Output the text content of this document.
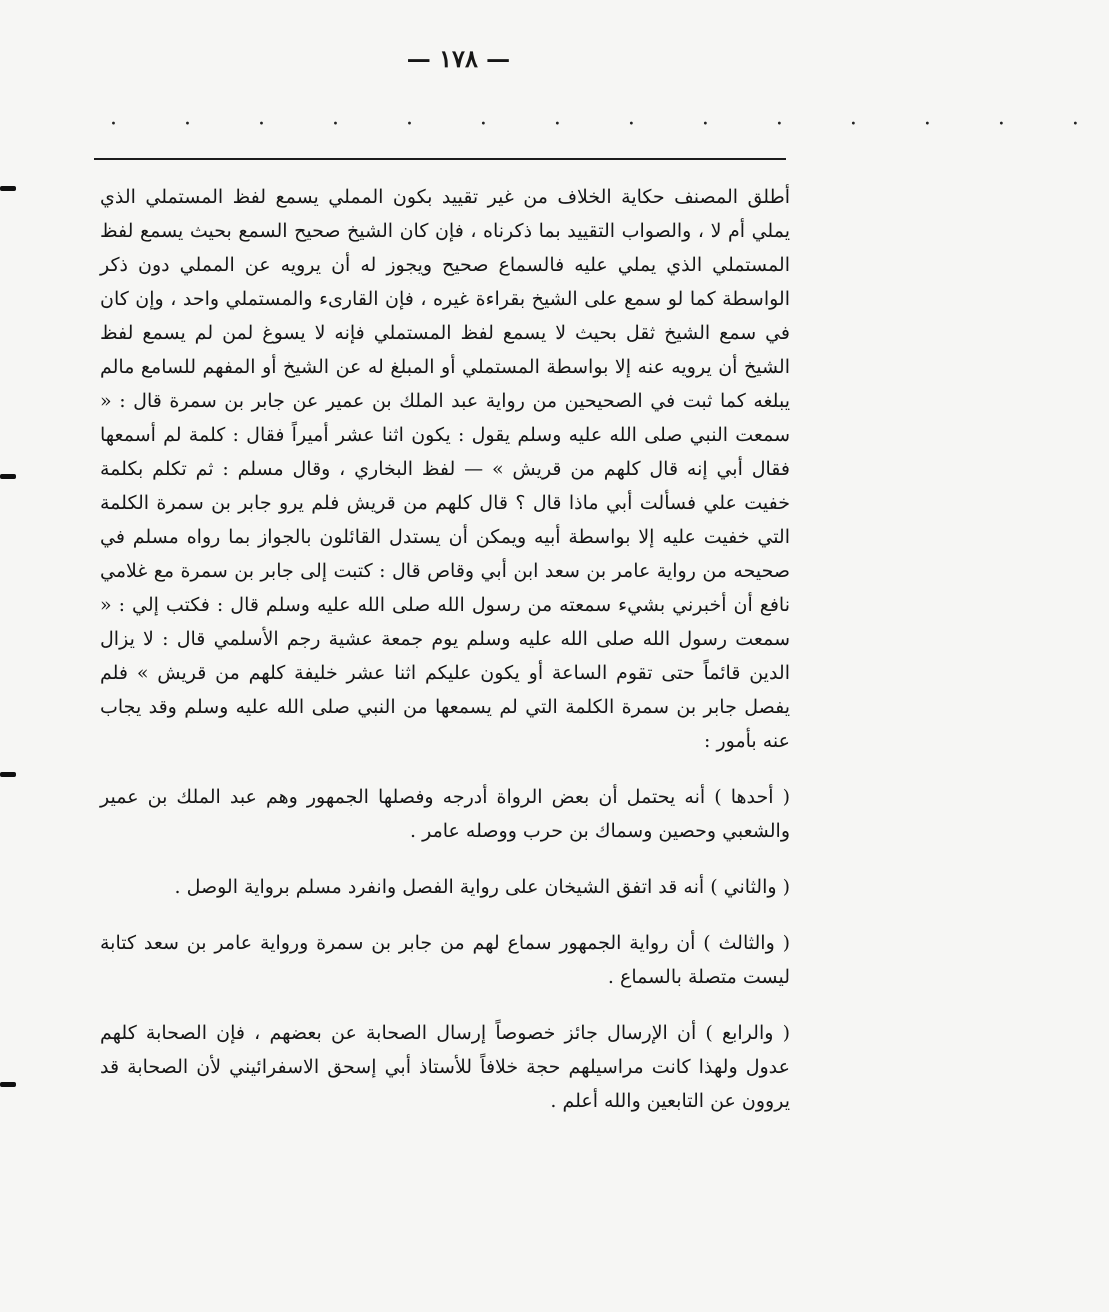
— ١٧٨ —
· · · · · · · · · · · · · ·

أطلق المصنف حكاية الخلاف من غير تقييد بكون المملي يسمع لفظ المستملي الذي يملي أم لا ، والصواب التقييد بما ذكرناه ، فإن كان الشيخ صحيح السمع بحيث يسمع لفظ المستملي الذي يملي عليه فالسماع صحيح ويجوز له أن يرويه عن المملي دون ذكر الواسطة كما لو سمع على الشيخ بقراءة غيره ، فإن القارىء والمستملي واحد ، وإن كان في سمع الشيخ ثقل بحيث لا يسمع لفظ المستملي فإنه لا يسوغ لمن لم يسمع لفظ الشيخ أن يرويه عنه إلا بواسطة المستملي أو المبلغ له عن الشيخ أو المفهم للسامع مالم يبلغه كما ثبت في الصحيحين من رواية عبد الملك بن عمير عن جابر بن سمرة قال : « سمعت النبي صلى الله عليه وسلم يقول : يكون اثنا عشر أميراً فقال : كلمة لم أسمعها فقال أبي إنه قال كلهم من قريش » — لفظ البخاري ، وقال مسلم : ثم تكلم بكلمة خفيت علي فسألت أبي ماذا قال ؟ قال كلهم من قريش فلم يرو جابر بن سمرة الكلمة التي خفيت عليه إلا بواسطة أبيه ويمكن أن يستدل القائلون بالجواز بما رواه مسلم في صحيحه من رواية عامر بن سعد ابن أبي وقاص قال : كتبت إلى جابر بن سمرة مع غلامي نافع أن أخبرني بشيء سمعته من رسول الله صلى الله عليه وسلم قال : فكتب إلي : « سمعت رسول الله صلى الله عليه وسلم يوم جمعة عشية رجم الأسلمي قال : لا يزال الدين قائماً حتى تقوم الساعة أو يكون عليكم اثنا عشر خليفة كلهم من قريش » فلم يفصل جابر بن سمرة الكلمة التي لم يسمعها من النبي صلى الله عليه وسلم وقد يجاب عنه بأمور :

( أحدها ) أنه يحتمل أن بعض الرواة أدرجه وفصلها الجمهور وهم عبد الملك بن عمير والشعبي وحصين وسماك بن حرب ووصله عامر .

( والثاني ) أنه قد اتفق الشيخان على رواية الفصل وانفرد مسلم برواية الوصل .

( والثالث ) أن رواية الجمهور سماع لهم من جابر بن سمرة ورواية عامر بن سعد كتابة ليست متصلة بالسماع .

( والرابع ) أن الإرسال جائز خصوصاً إرسال الصحابة عن بعضهم ، فإن الصحابة كلهم عدول ولهذا كانت مراسيلهم حجة خلافاً للأستاذ أبي إسحق الاسفرائيني لأن الصحابة قد يروون عن التابعين والله أعلم .
